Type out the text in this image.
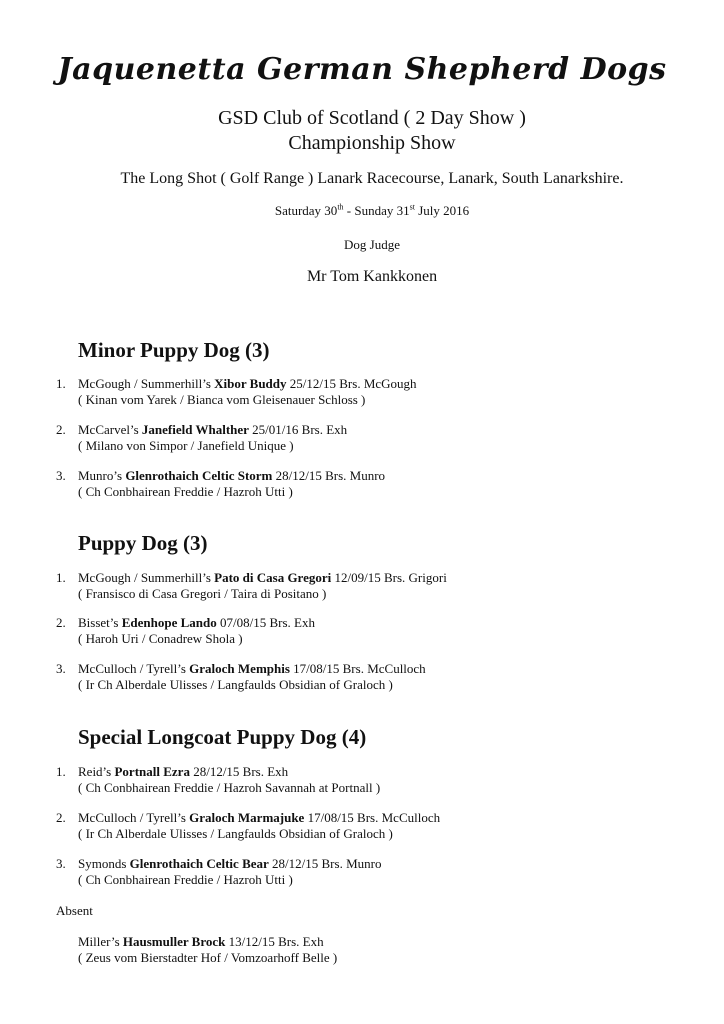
Jaquenetta German Shepherd Dogs
GSD Club of Scotland ( 2 Day Show )
Championship Show
The Long Shot ( Golf Range ) Lanark Racecourse, Lanark, South Lanarkshire.
Saturday 30th - Sunday 31st July 2016
Dog Judge
Mr Tom Kankkonen
Minor Puppy Dog (3)
1. McGough / Summerhill’s Xibor Buddy 25/12/15 Brs. McGough
( Kinan vom Yarek / Bianca vom Gleisenauer Schloss )
2. McCarvel’s Janefield Whalther 25/01/16 Brs. Exh
( Milano von Simpor / Janefield Unique )
3. Munro’s Glenrothaich Celtic Storm 28/12/15 Brs. Munro
( Ch Conbhairean Freddie / Hazroh Utti )
Puppy Dog (3)
1. McGough / Summerhill’s Pato di Casa Gregori 12/09/15 Brs. Grigori
( Fransisco di Casa Gregori / Taira di Positano )
2. Bisset’s Edenhope Lando 07/08/15 Brs. Exh
( Haroh Uri / Conadrew Shola )
3. McCulloch / Tyrell’s Graloch Memphis 17/08/15 Brs. McCulloch
( Ir Ch Alberdale Ulisses / Langfaulds Obsidian of Graloch )
Special Longcoat Puppy Dog (4)
1. Reid’s Portnall Ezra 28/12/15 Brs. Exh
( Ch Conbhairean Freddie / Hazroh Savannah at Portnall )
2. McCulloch / Tyrell’s Graloch Marmajuke 17/08/15 Brs. McCulloch
( Ir Ch Alberdale Ulisses / Langfaulds Obsidian of Graloch )
3. Symonds Glenrothaich Celtic Bear 28/12/15 Brs. Munro
( Ch Conbhairean Freddie / Hazroh Utti )
Absent
Miller’s Hausmuller Brock 13/12/15 Brs. Exh
( Zeus vom Bierstadter Hof / Vomzoarhoff Belle )
